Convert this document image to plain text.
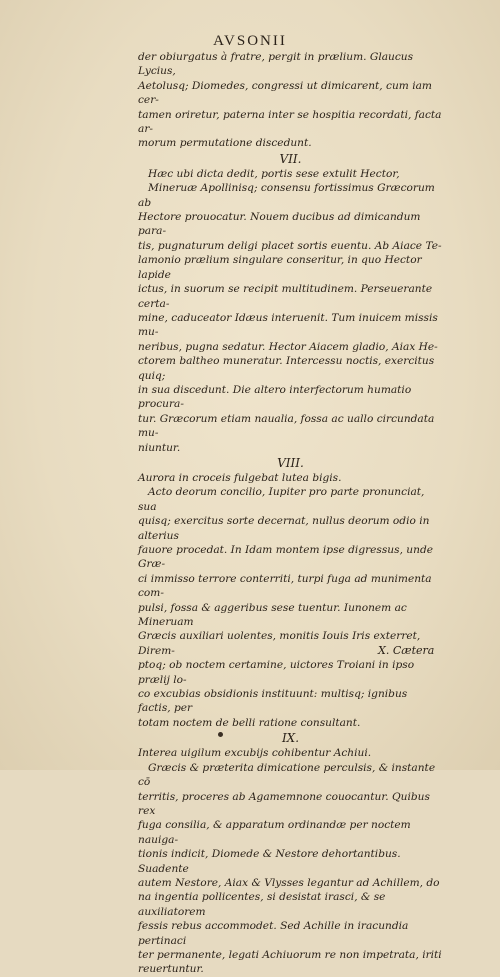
AVSONII

der obiurgatus à fratre, pergit in prælium. Glaucus Lycius,

Aetolusq; Diomedes, congressi ut dimicarent, cum iam cer-

tamen oriretur, paterna inter se hospitia recordati, facta ar-

morum permutatione discedunt.

VII.

Hæc ubi dicta dedit, portis sese extulit Hector,

Mineruæ Apollinisq; consensu fortissimus Græcorum ab

Hectore prouocatur. Nouem ducibus ad dimicandum para-

tis, pugnaturum deligi placet sortis euentu. Ab Aiace Te-

lamonio prælium singulare conseritur, in quo Hector lapide

ictus, in suorum se recipit multitudinem. Perseuerante certa-

mine, caduceator Idæus interuenit. Tum inuicem missis mu-

neribus, pugna sedatur. Hector Aiacem gladio, Aiax He-

ctorem baltheo muneratur. Intercessu noctis, exercitus quiq;

in sua discedunt. Die altero interfectorum humatio procura-

tur. Græcorum etiam naualia, fossa ac uallo circundata mu-

niuntur.

VIII.

Aurora in croceis fulgebat lutea bigis.

Acto deorum concilio, Iupiter pro parte pronunciat, sua

quisq; exercitus sorte decernat, nullus deorum odio in alterius

fauore procedat. In Idam montem ipse digressus, unde Græ-

ci immisso terrore conterriti, turpi fuga ad munimenta com-

pulsi, fossa & aggeribus sese tuentur. Iunonem ac Mineruam

Græcis auxiliari uolentes, monitis Iouis Iris exterret, Direm-

ptoq; ob noctem certamine, uictores Troiani in ipso prælij lo-

co excubias obsidionis instituunt: multisq; ignibus factis, per

totam noctem de belli ratione consultant.

IX.

Interea uigilum excubijs cohibentur Achiui.

Græcis & præterita dimicatione perculsis, & instante cō

territis, proceres ab Agamemnone couocantur. Quibus rex

fuga consilia, & apparatum ordinandæ per noctem nauiga-

tionis indicit, Diomede & Nestore dehortantibus. Suadente

autem Nestore, Aiax & Vlysses legantur ad Achillem, do

na ingentia pollicentes, si desistat irasci, & se auxiliatorem

fessis rebus accommodet. Sed Achille in iracundia pertinaci

ter permanente, legati Achiuorum re non impetrata, iriti

reuertuntur.

X. Cætera
